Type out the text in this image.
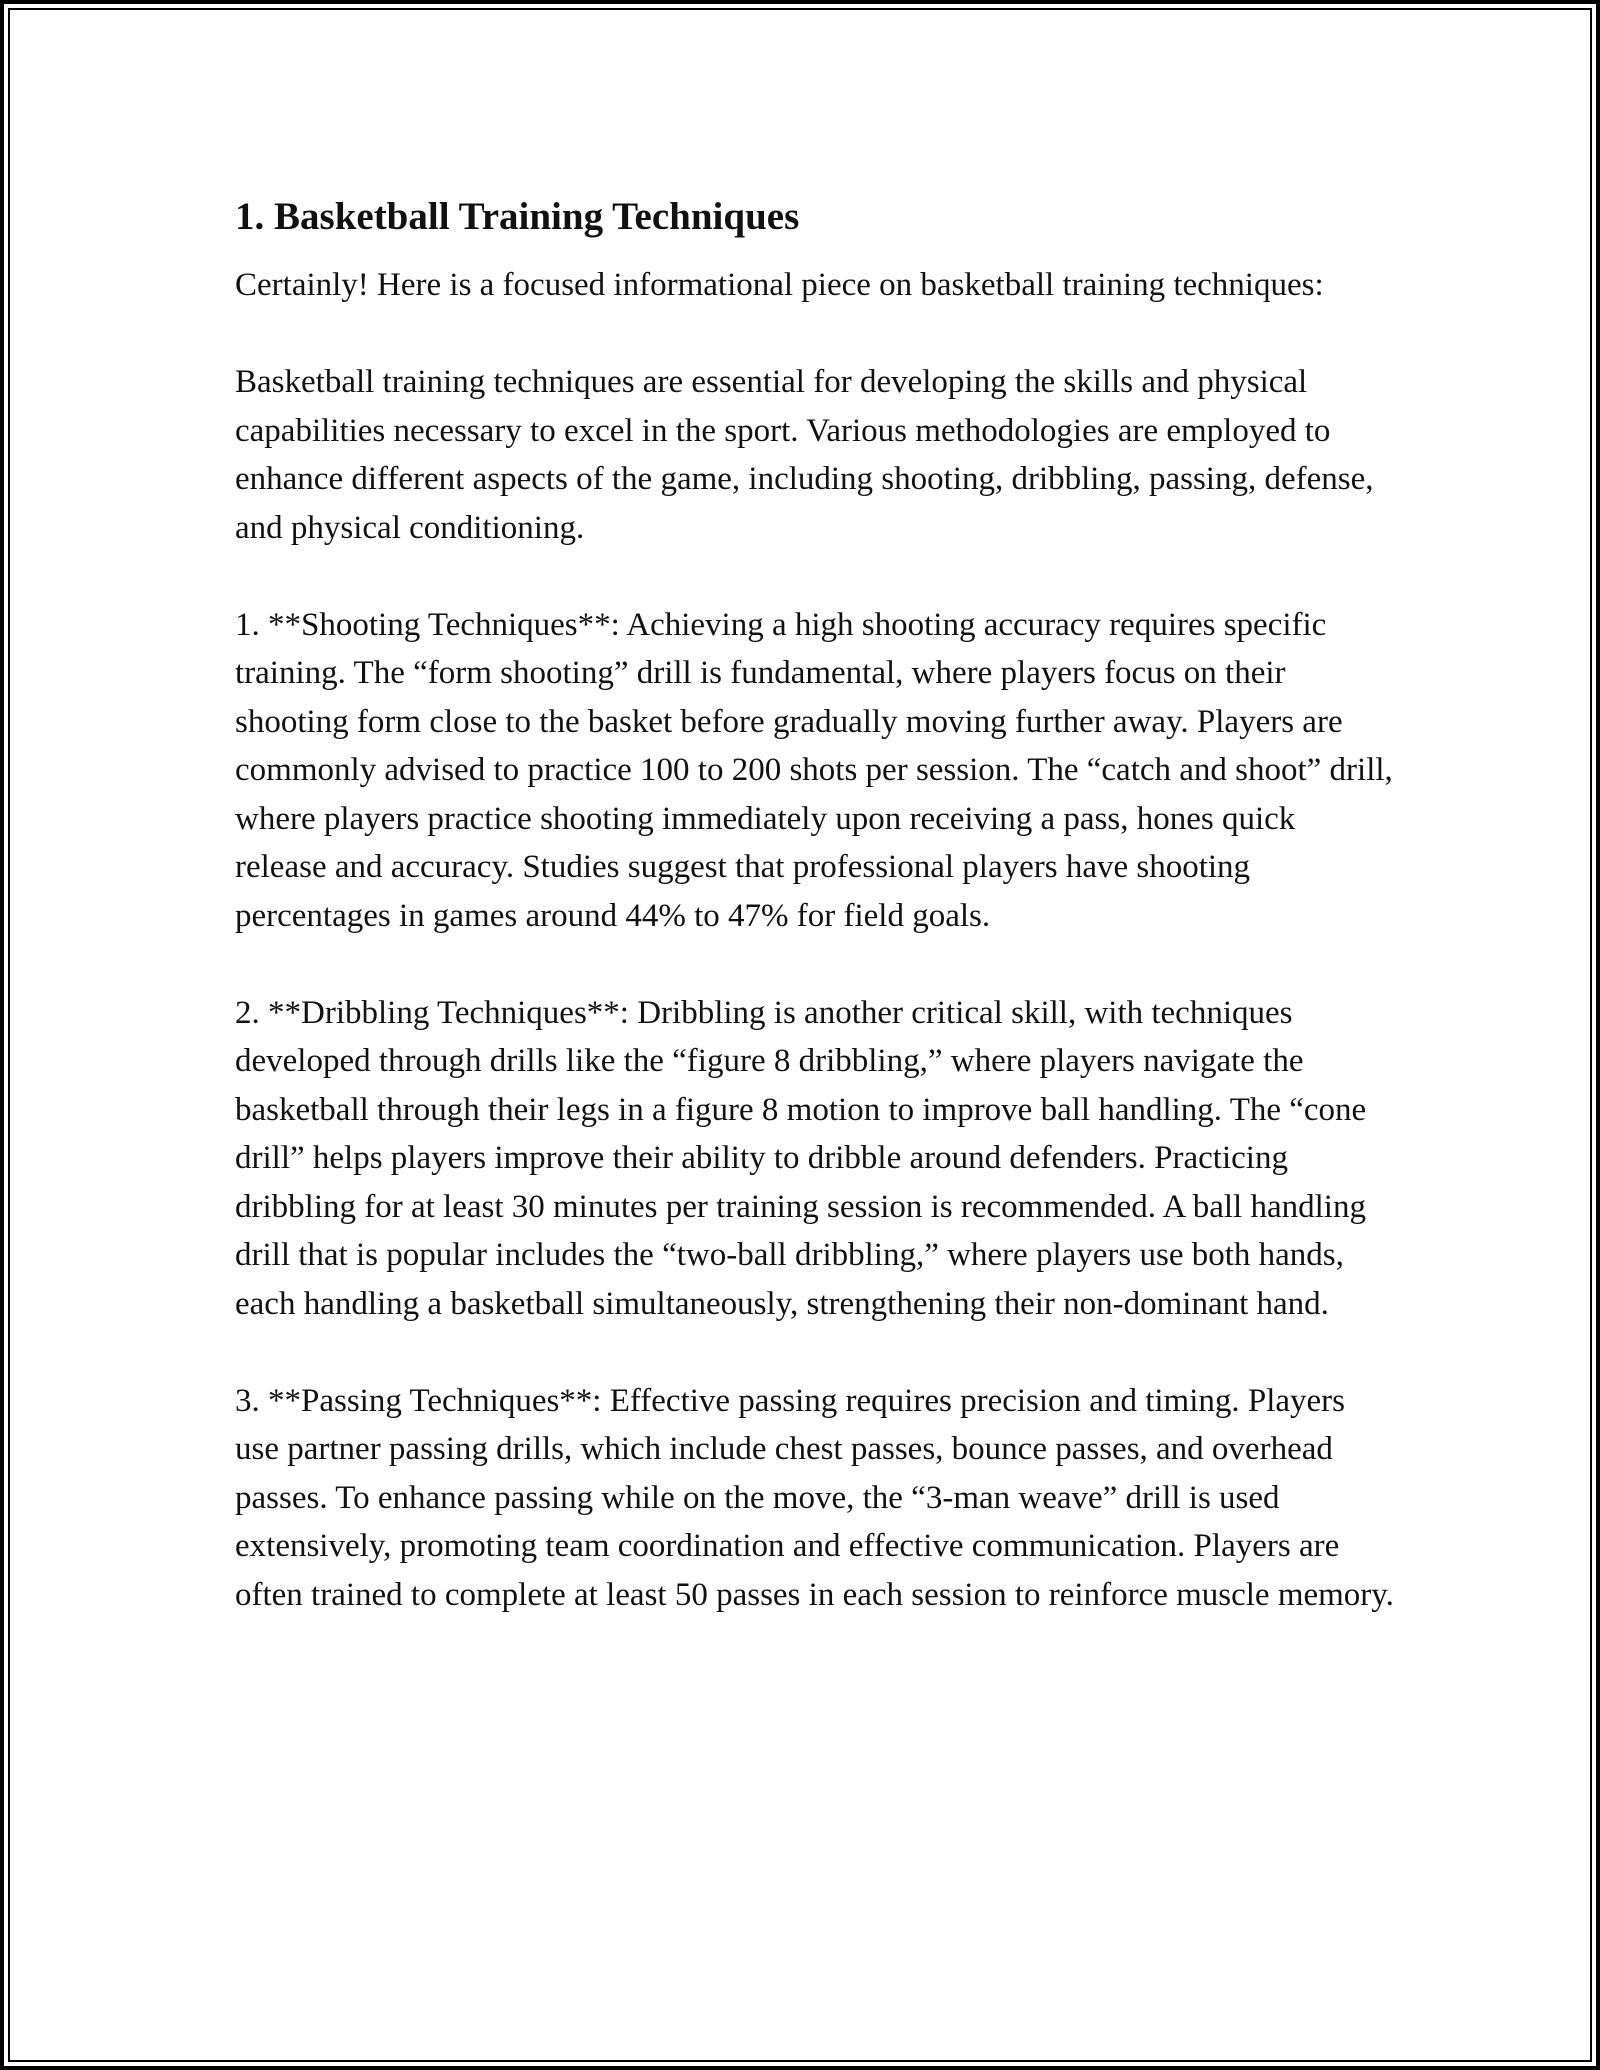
1. Basketball Training Techniques

Certainly! Here is a focused informational piece on basketball training techniques:

Basketball training techniques are essential for developing the skills and physical capabilities necessary to excel in the sport. Various methodologies are employed to enhance different aspects of the game, including shooting, dribbling, passing, defense, and physical conditioning.

1. **Shooting Techniques**: Achieving a high shooting accuracy requires specific training. The “form shooting” drill is fundamental, where players focus on their shooting form close to the basket before gradually moving further away. Players are commonly advised to practice 100 to 200 shots per session. The “catch and shoot” drill, where players practice shooting immediately upon receiving a pass, hones quick release and accuracy. Studies suggest that professional players have shooting percentages in games around 44% to 47% for field goals.

2. **Dribbling Techniques**: Dribbling is another critical skill, with techniques developed through drills like the “figure 8 dribbling,” where players navigate the basketball through their legs in a figure 8 motion to improve ball handling. The “cone drill” helps players improve their ability to dribble around defenders. Practicing dribbling for at least 30 minutes per training session is recommended. A ball handling drill that is popular includes the “two-ball dribbling,” where players use both hands, each handling a basketball simultaneously, strengthening their non-dominant hand.

3. **Passing Techniques**: Effective passing requires precision and timing. Players use partner passing drills, which include chest passes, bounce passes, and overhead passes. To enhance passing while on the move, the “3-man weave” drill is used extensively, promoting team coordination and effective communication. Players are often trained to complete at least 50 passes in each session to reinforce muscle memory.
